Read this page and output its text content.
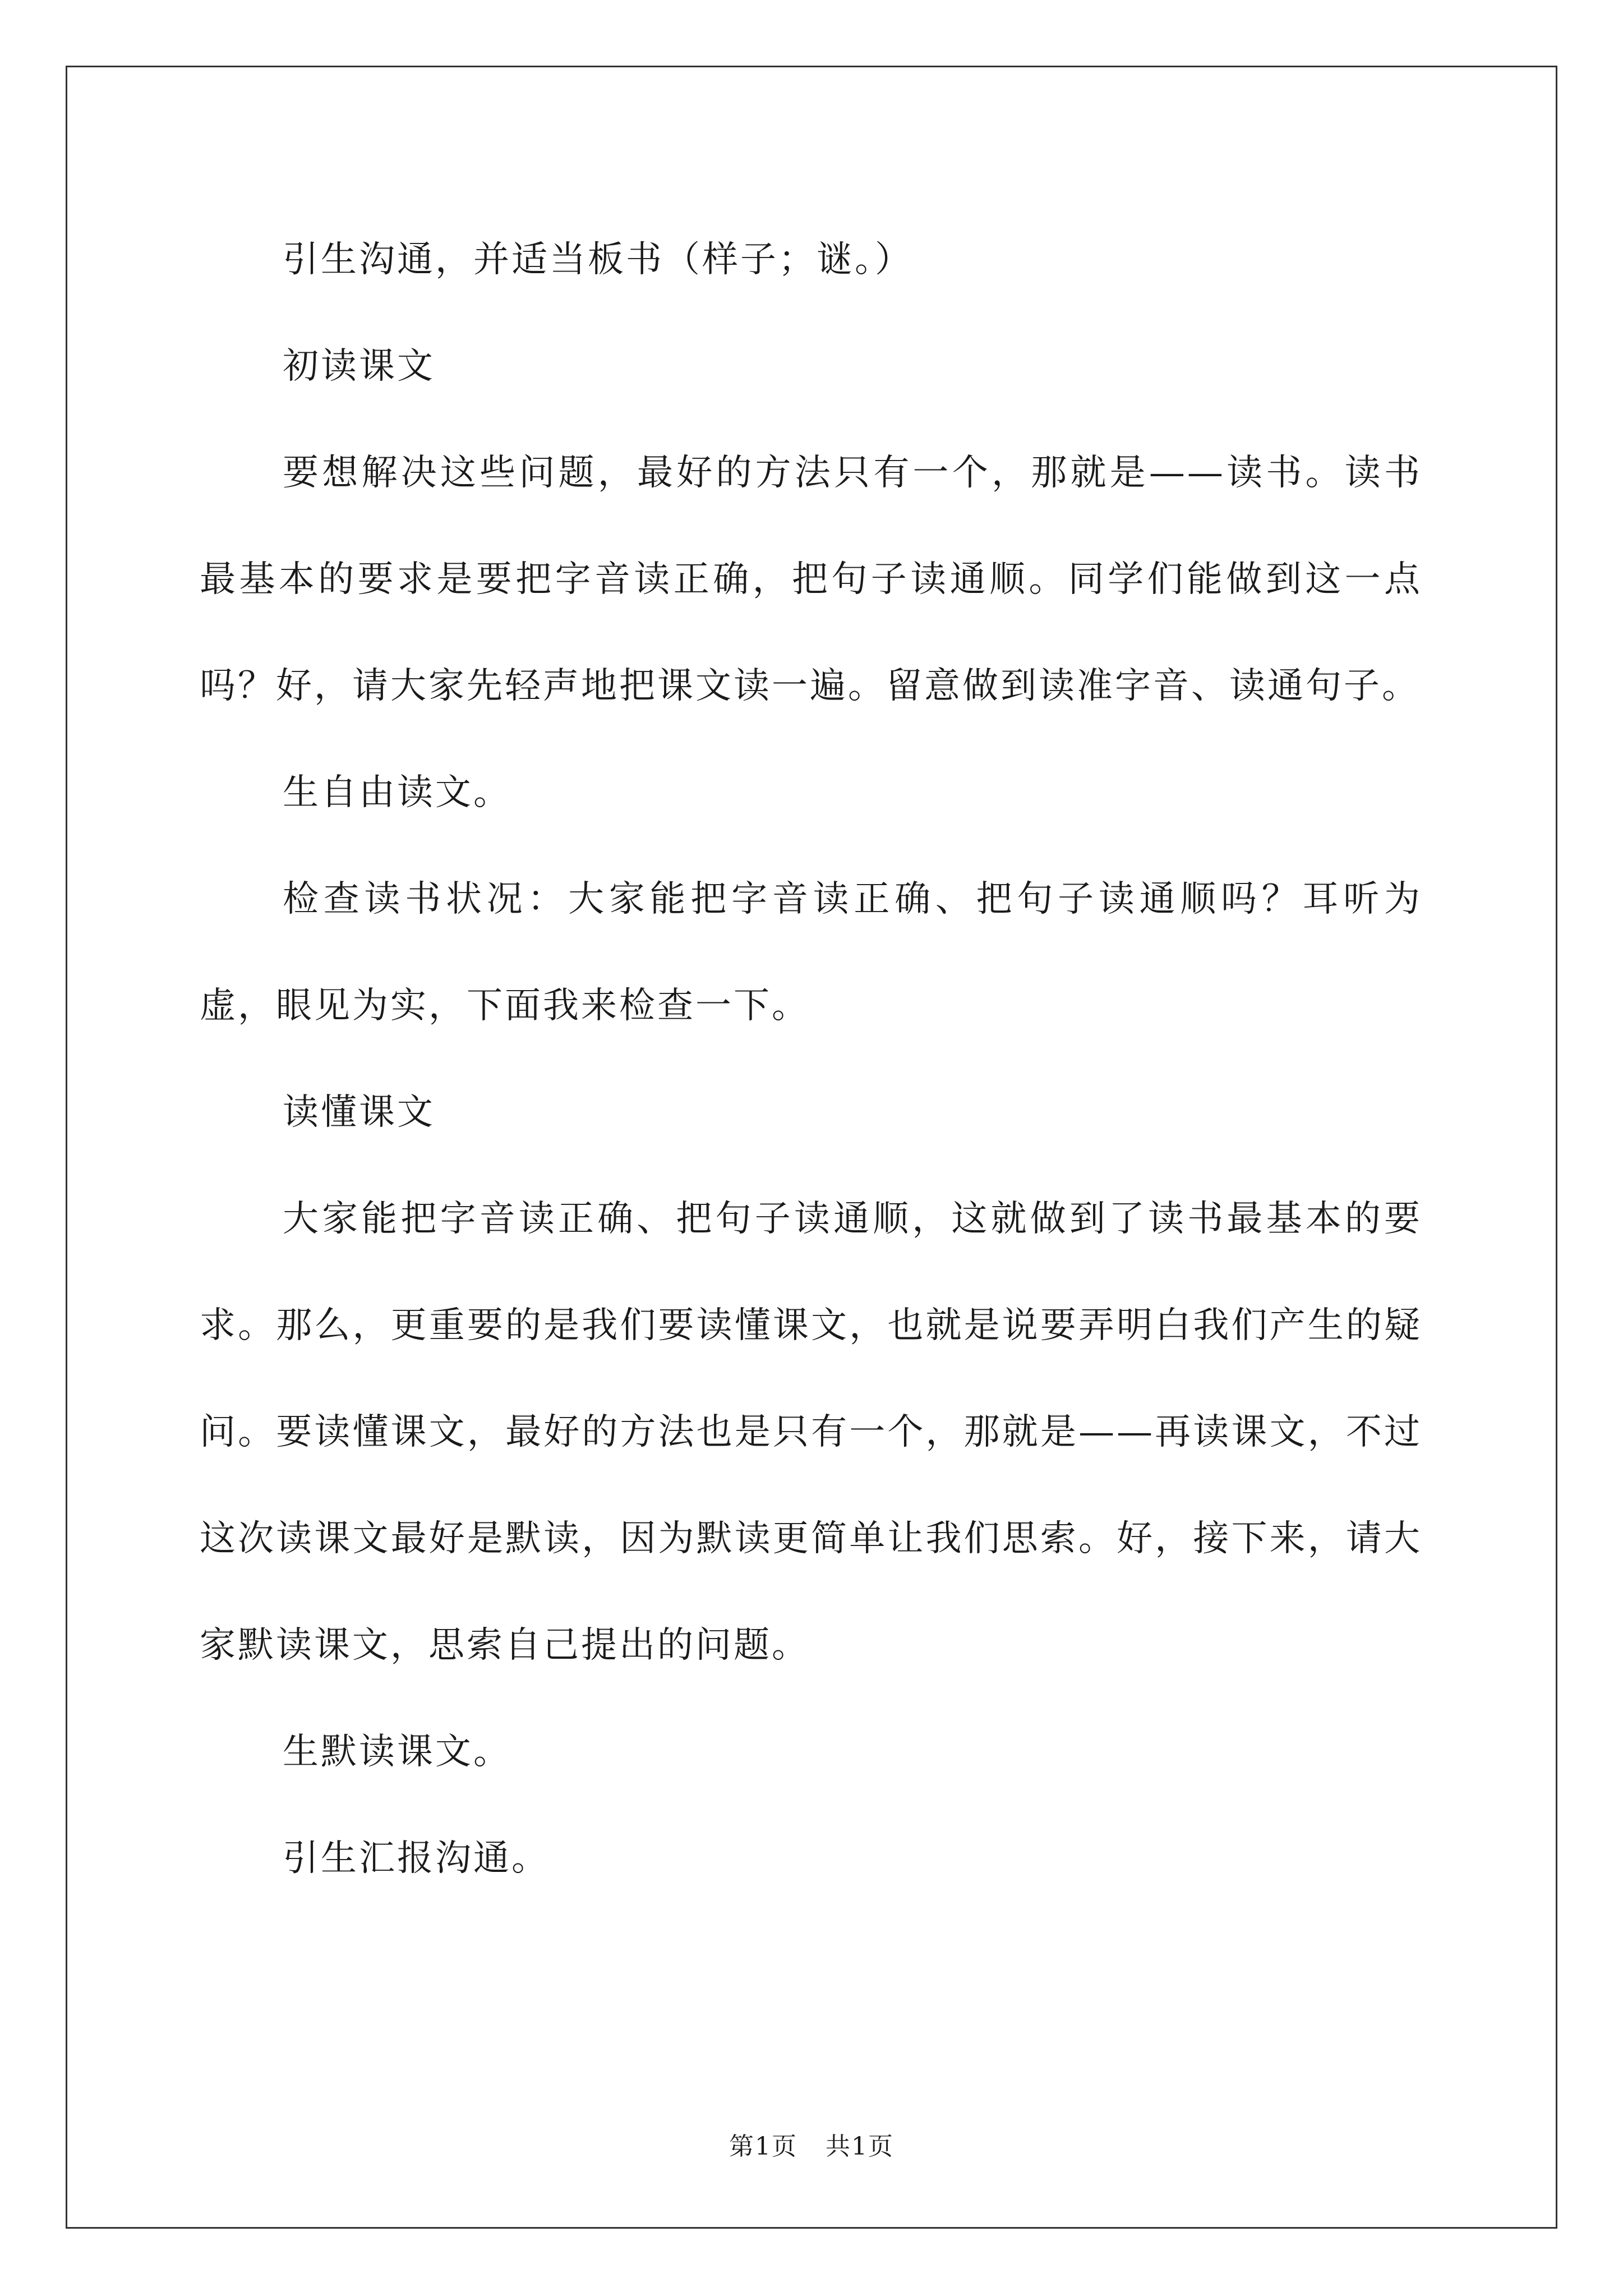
引生沟通，并适当板书（样子；谜。）

初读课文

要想解决这些问题，最好的方法只有一个，那就是——读书。读书最基本的要求是要把字音读正确，把句子读通顺。同学们能做到这一点吗？好，请大家先轻声地把课文读一遍。留意做到读准字音、读通句子。

生自由读文。

检查读书状况：大家能把字音读正确、把句子读通顺吗？耳听为虚，眼见为实，下面我来检查一下。

读懂课文

大家能把字音读正确、把句子读通顺，这就做到了读书最基本的要求。那么，更重要的是我们要读懂课文，也就是说要弄明白我们产生的疑问。要读懂课文，最好的方法也是只有一个，那就是——再读课文，不过这次读课文最好是默读，因为默读更简单让我们思索。好，接下来，请大家默读课文，思索自己提出的问题。

生默读课文。

引生汇报沟通。

第1页 共1页
